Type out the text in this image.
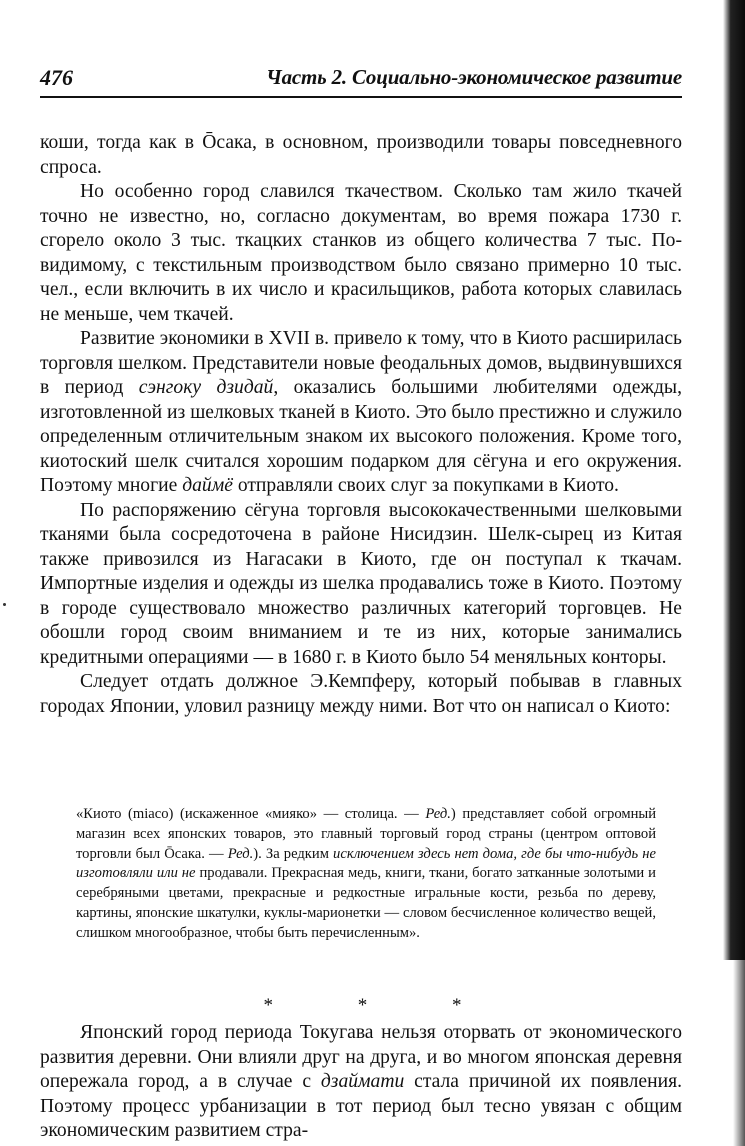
476	Часть 2. Социально-экономическое развитие

коши, тогда как в Ōсака, в основном, производили товары повседневного спроса.

Но особенно город славился ткачеством. Сколько там жило ткачей точно не известно, но, согласно документам, во время пожара 1730 г. сгорело около 3 тыс. ткацких станков из общего количества 7 тыс. По-видимому, с текстильным производством было связано примерно 10 тыс. чел., если включить в их число и красильщиков, работа которых славилась не меньше, чем ткачей.

Развитие экономики в XVII в. привело к тому, что в Киото расширилась торговля шелком. Представители новые феодальных домов, выдвинувшихся в период сэнгоку дзидай, оказались большими любителями одежды, изготовленной из шелковых тканей в Киото. Это было престижно и служило определенным отличительным знаком их высокого положения. Кроме того, киотоский шелк считался хорошим подарком для сёгуна и его окружения. Поэтому многие даймё отправляли своих слуг за покупками в Киото.

По распоряжению сёгуна торговля высококачественными шелковыми тканями была сосредоточена в районе Нисидзин. Шелк-сырец из Китая также привозился из Нагасаки в Киото, где он поступал к ткачам. Импортные изделия и одежды из шелка продавались тоже в Киото. Поэтому в городе существовало множество различных категорий торговцев. Не обошли город своим вниманием и те из них, которые занимались кредитными операциями — в 1680 г. в Киото было 54 меняльных конторы.

Следует отдать должное Э.Кемпферу, который побывав в главных городах Японии, уловил разницу между ними. Вот что он написал о Киото:

«Киото (miaco) (искаженное «мияко» — столица. — Ред.) представляет собой огромный магазин всех японских товаров, это главный торговый город страны (центром оптовой торговли был Ōсака. — Ред.). За редким исключением здесь нет дома, где бы что-нибудь не изготовляли или не продавали. Прекрасная медь, книги, ткани, богато затканные золотыми и серебряными цветами, прекрасные и редкостные игральные кости, резьба по дереву, картины, японские шкатулки, куклы-марионетки — словом бесчисленное количество вещей, слишком многообразное, чтобы быть перечисленным».
* * *

Японский город периода Токугава нельзя оторвать от экономического развития деревни. Они влияли друг на друга, и во многом японская деревня опережала город, а в случае с дзаймати стала причиной их появления. Поэтому процесс урбанизации в тот период был тесно увязан с общим экономическим развитием стра-
